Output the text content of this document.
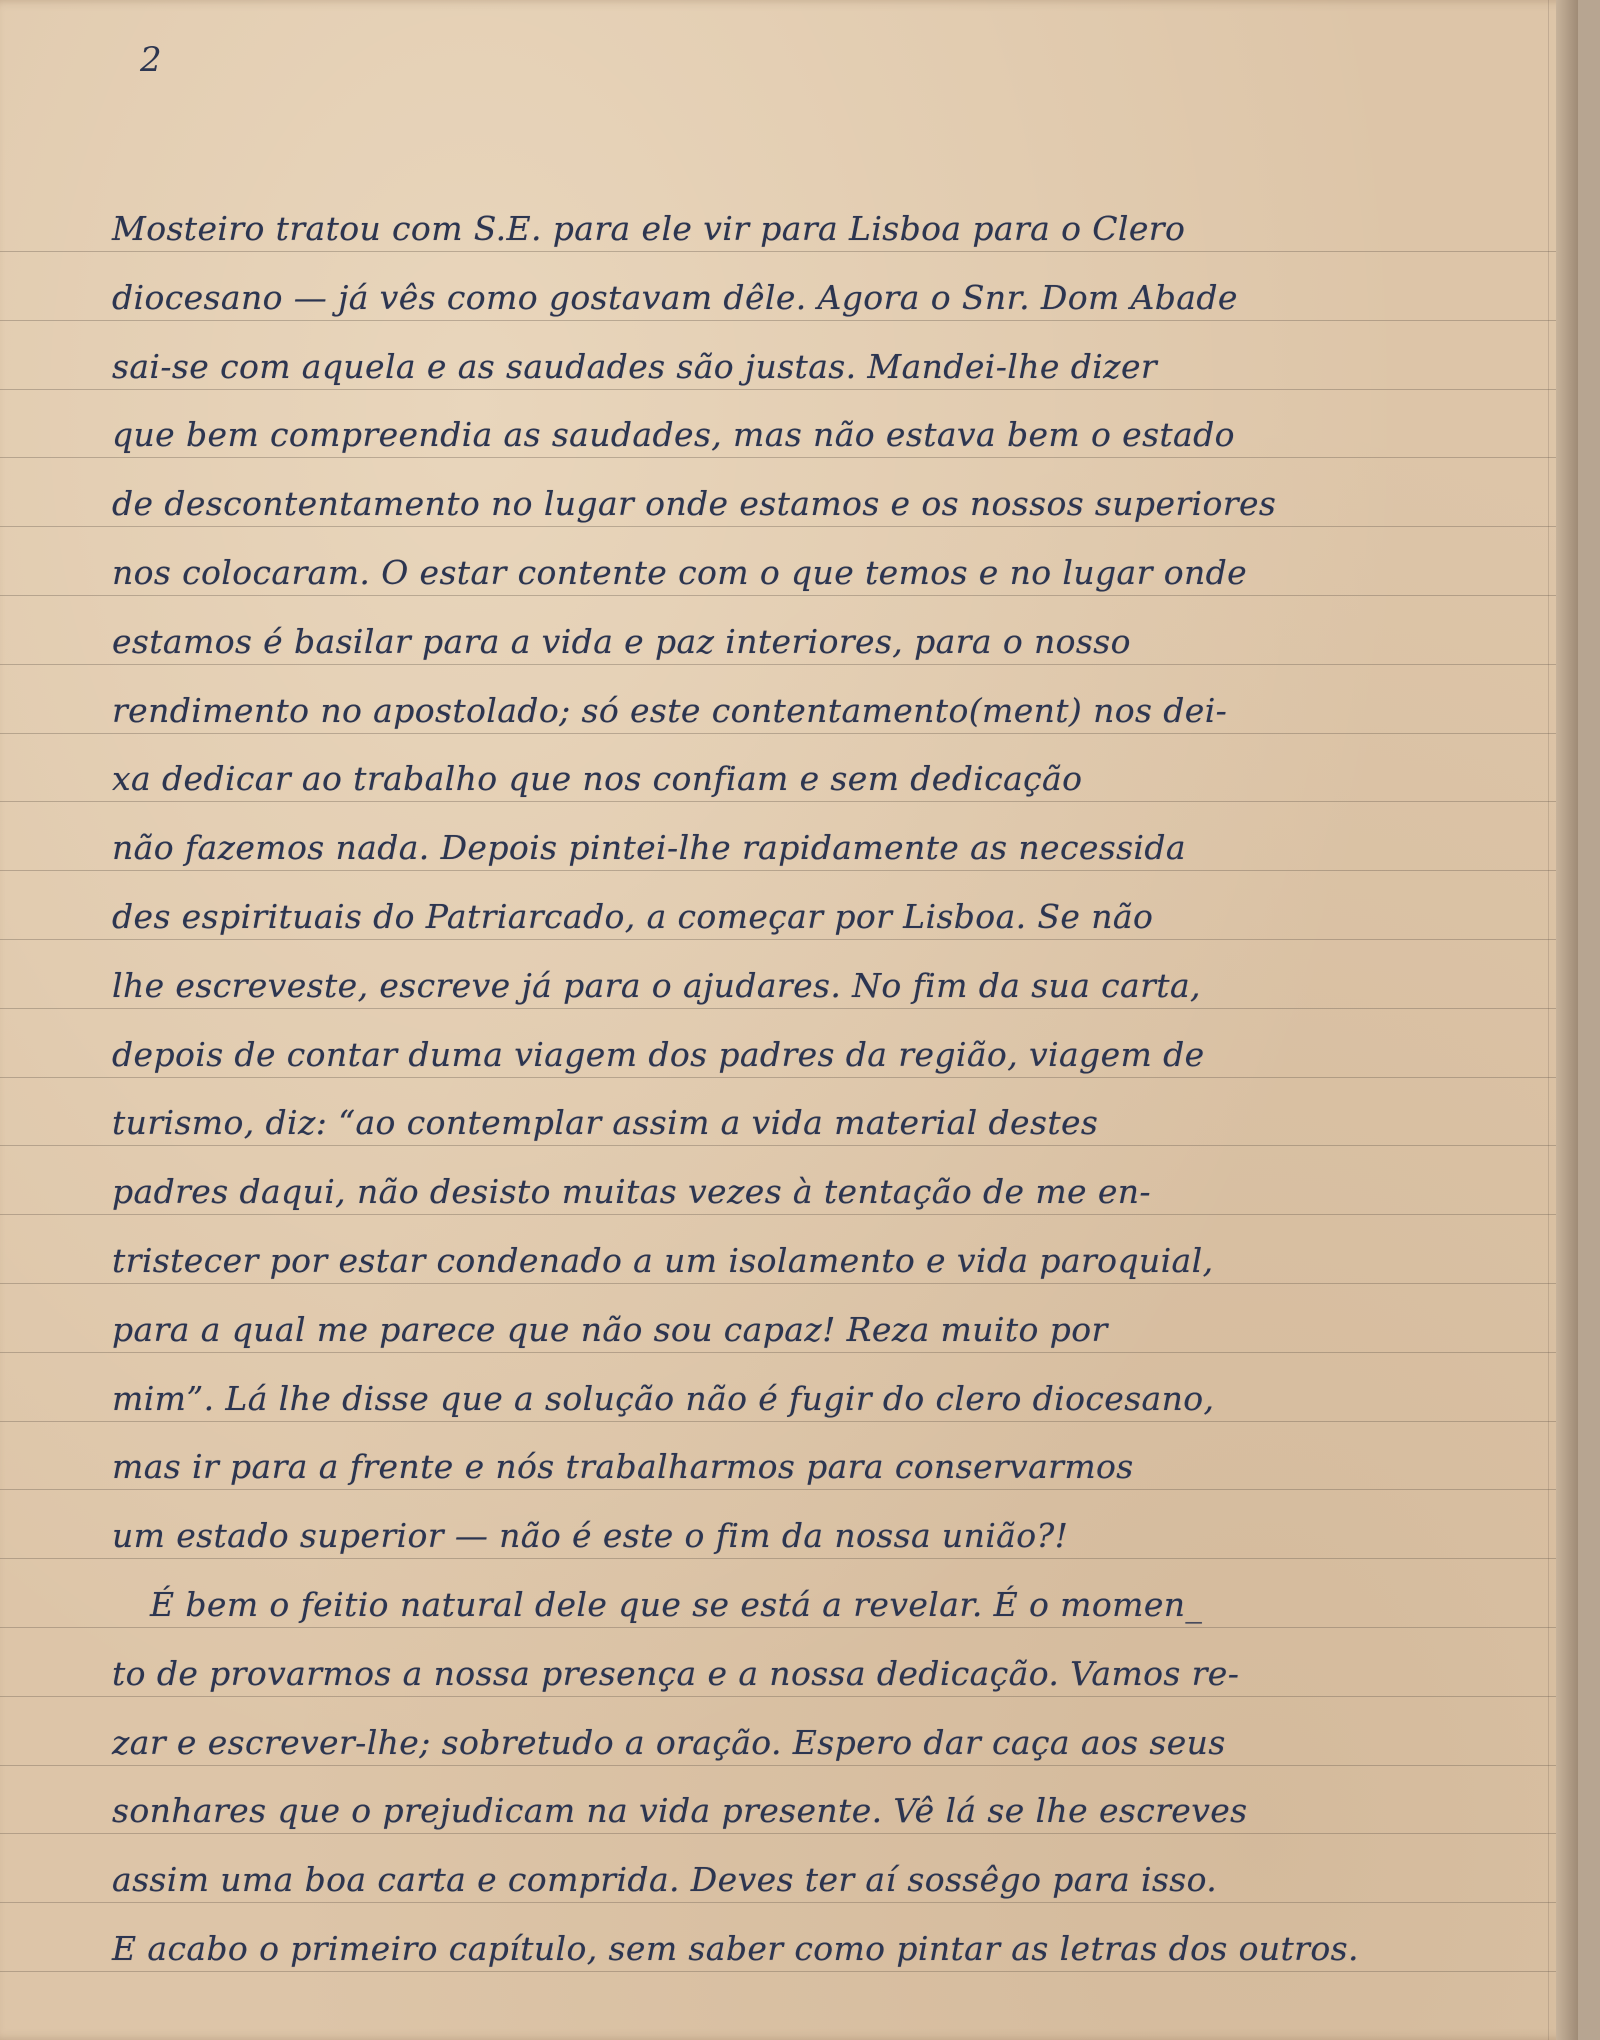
2
Mosteiro tratou com S.E. para ele vir para Lisboa para o Clero
diocesano — já vês como gostavam dêle. Agora o Snr. Dom Abade
sai-se com aquela e as saudades são justas. Mandei-lhe dizer
que bem compreendia as saudades, mas não estava bem o estado
de descontentamento no lugar onde estamos e os nossos superiores
nos colocaram. O estar contente com o que temos e no lugar onde
estamos é basilar para a vida e paz interiores, para o nosso
rendimento no apostolado; só este contentamento(ment) nos dei-
xa dedicar ao trabalho que nos confiam e sem dedicação
não fazemos nada. Depois pintei-lhe rapidamente as necessida
des espirituais do Patriarcado, a começar por Lisboa. Se não
lhe escreveste, escreve já para o ajudares. No fim da sua carta,
depois de contar duma viagem dos padres da região, viagem de
turismo, diz: “ao contemplar assim a vida material destes
padres daqui, não desisto muitas vezes à tentação de me en-
tristecer por estar condenado a um isolamento e vida paroquial,
para a qual me parece que não sou capaz! Reza muito por
mim”. Lá lhe disse que a solução não é fugir do clero diocesano,
mas ir para a frente e nós trabalharmos para conservarmos
um estado superior — não é este o fim da nossa união?!
É bem o feitio natural dele que se está a revelar. É o momen_
to de provarmos a nossa presença e a nossa dedicação. Vamos re-
zar e escrever-lhe; sobretudo a oração. Espero dar caça aos seus
sonhares que o prejudicam na vida presente. Vê lá se lhe escreves
assim uma boa carta e comprida. Deves ter aí sossêgo para isso.
E acabo o primeiro capítulo, sem saber como pintar as letras dos outros.
